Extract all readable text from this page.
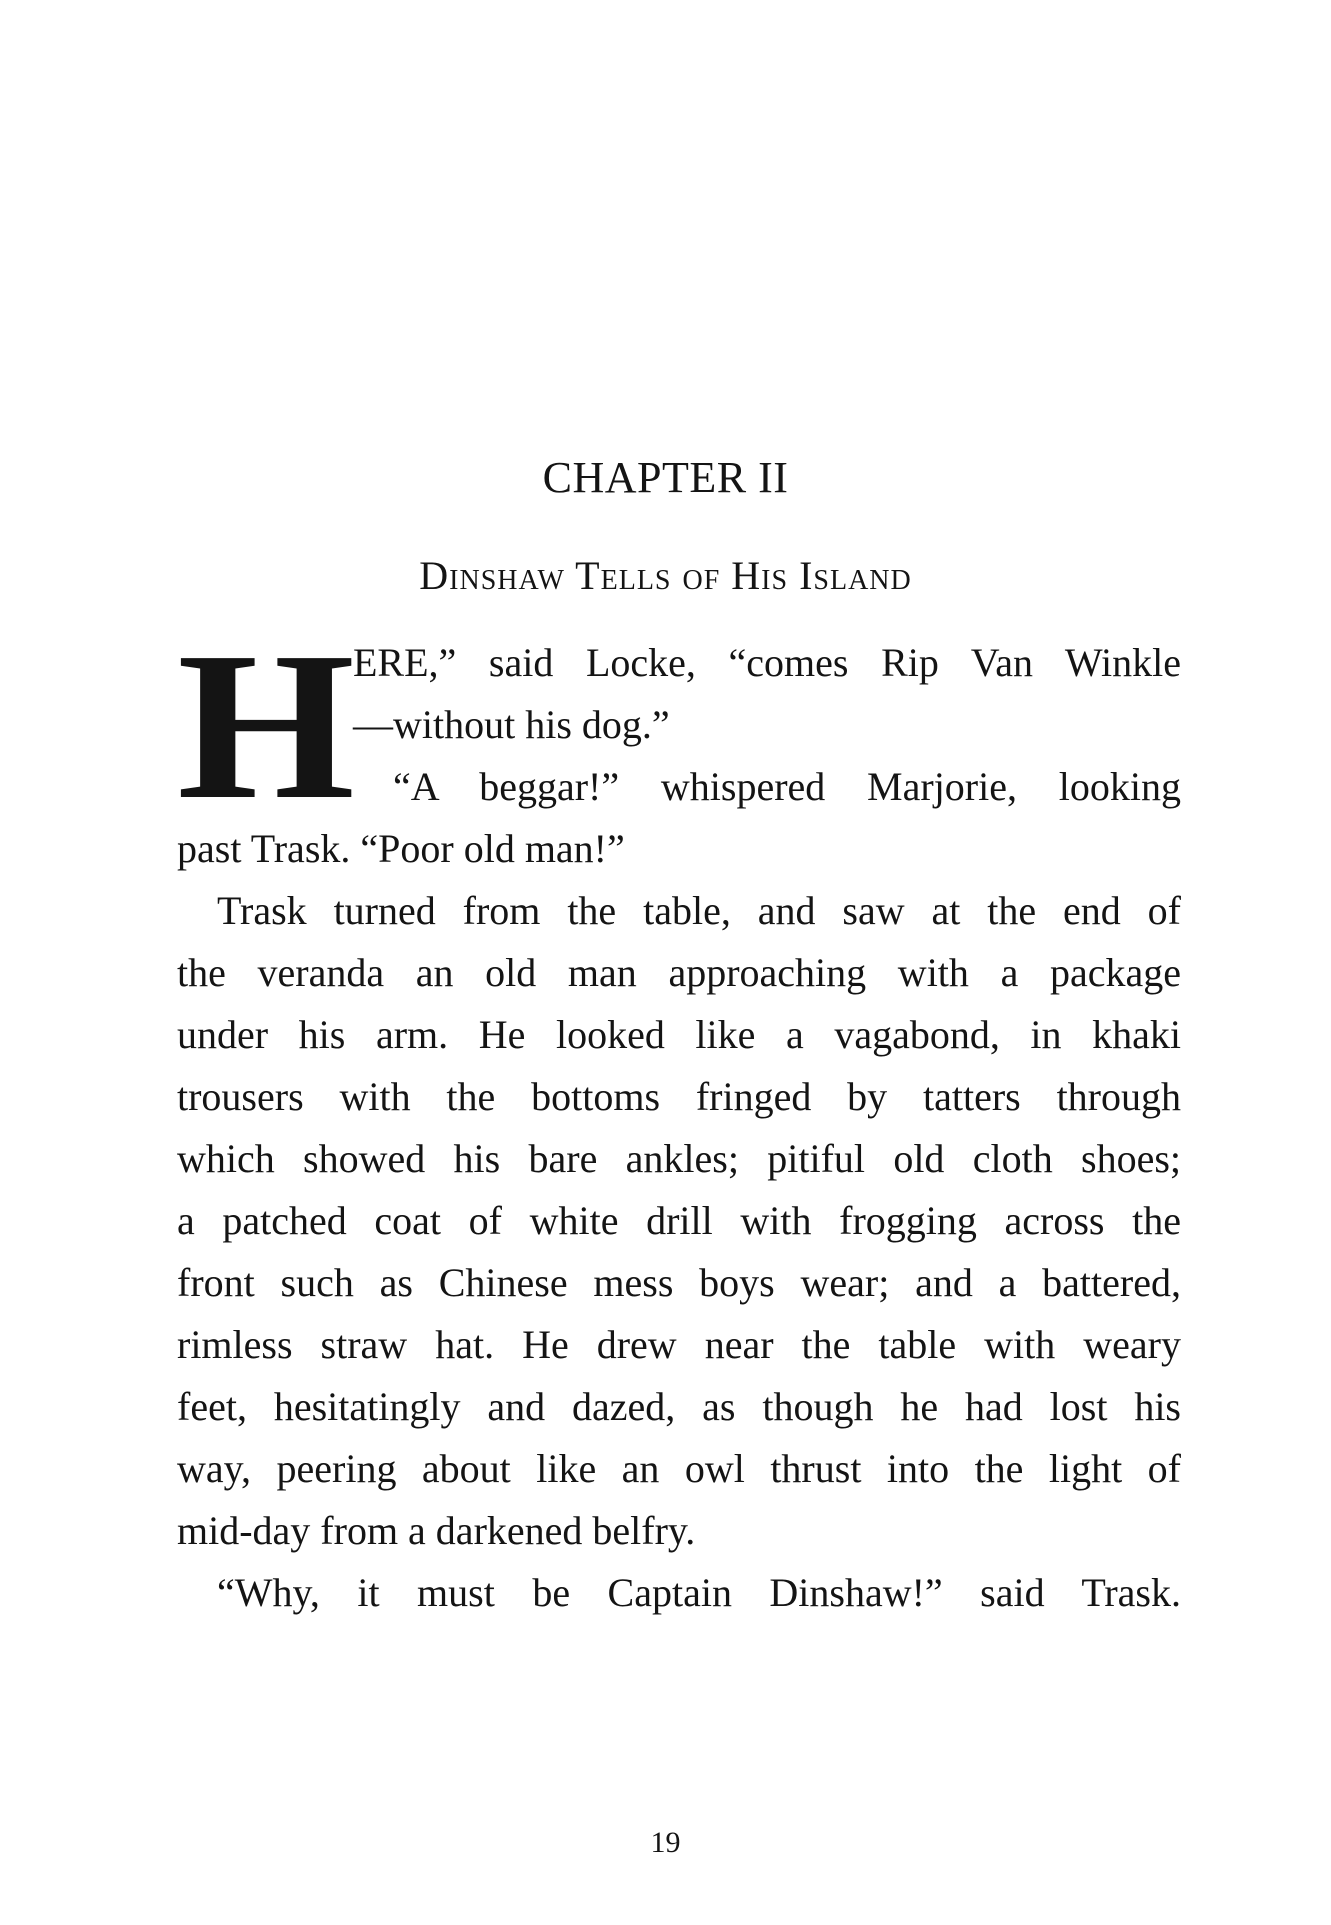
CHAPTER II
Dinshaw Tells of His Island
H ERE,” said Locke, “comes Rip Van Winkle
—without his dog.”
“A beggar!” whispered Marjorie, looking
past Trask. “Poor old man!”
Trask turned from the table, and saw at the end of
the veranda an old man approaching with a package
under his arm. He looked like a vagabond, in khaki
trousers with the bottoms fringed by tatters through
which showed his bare ankles; pitiful old cloth shoes;
a patched coat of white drill with frogging across the
front such as Chinese mess boys wear; and a battered,
rimless straw hat. He drew near the table with weary
feet, hesitatingly and dazed, as though he had lost his
way, peering about like an owl thrust into the light of
mid-day from a darkened belfry.
“Why, it must be Captain Dinshaw!” said Trask.

19
